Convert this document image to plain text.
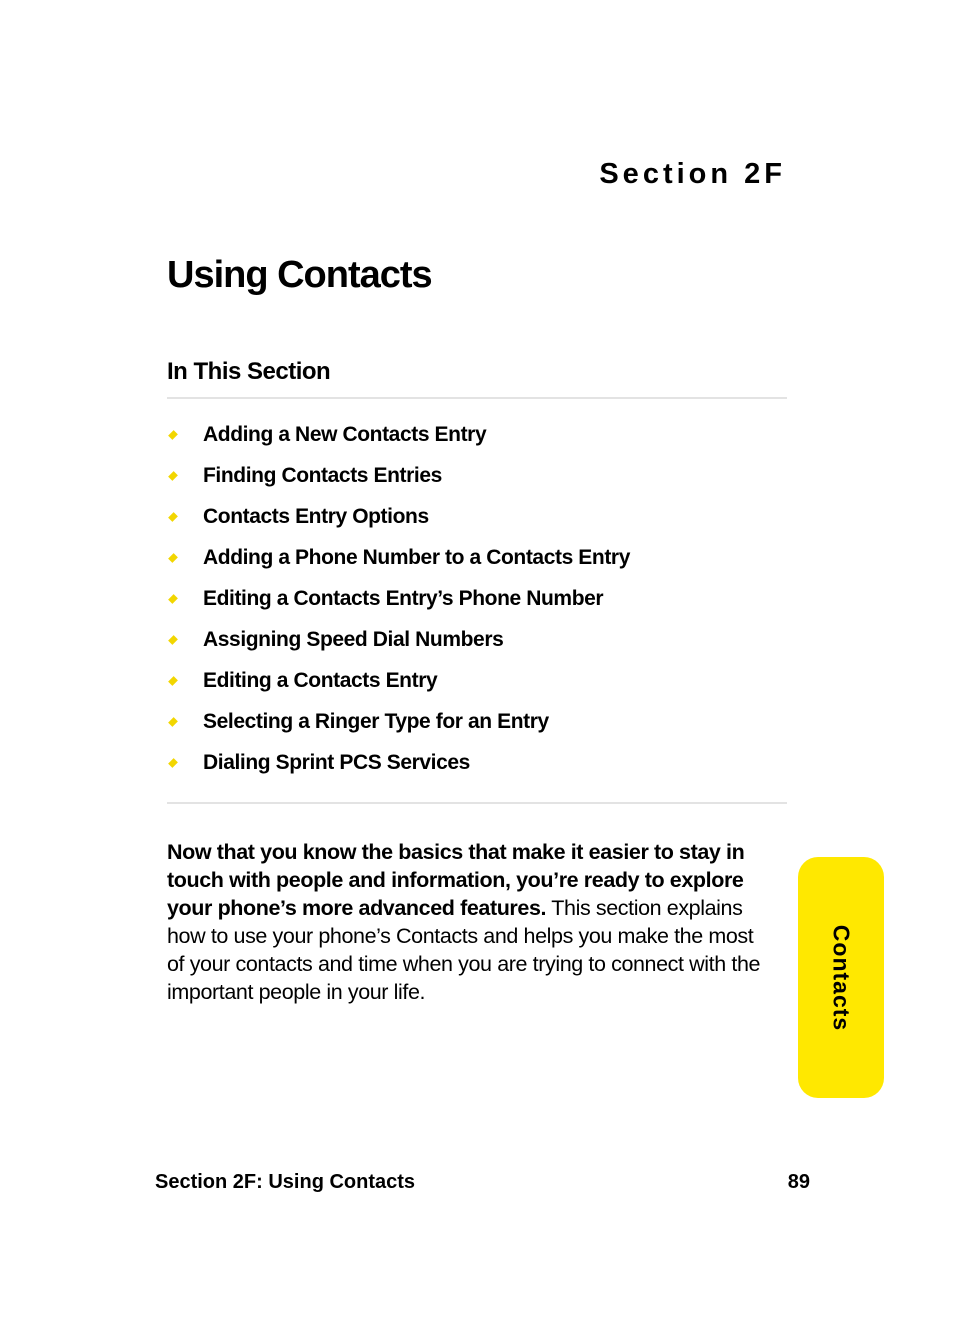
Section 2F
Using Contacts
In This Section
Adding a New Contacts Entry
Finding Contacts Entries
Contacts Entry Options
Adding a Phone Number to a Contacts Entry
Editing a Contacts Entry’s Phone Number
Assigning Speed Dial Numbers
Editing a Contacts Entry
Selecting a Ringer Type for an Entry
Dialing Sprint PCS Services

Now that you know the basics that make it easier to stay in touch with people and information, you’re ready to explore your phone’s more advanced features. This section explains how to use your phone’s Contacts and helps you make the most of your contacts and time when you are trying to connect with the important people in your life.	Contacts
Section 2F: Using Contacts	89
